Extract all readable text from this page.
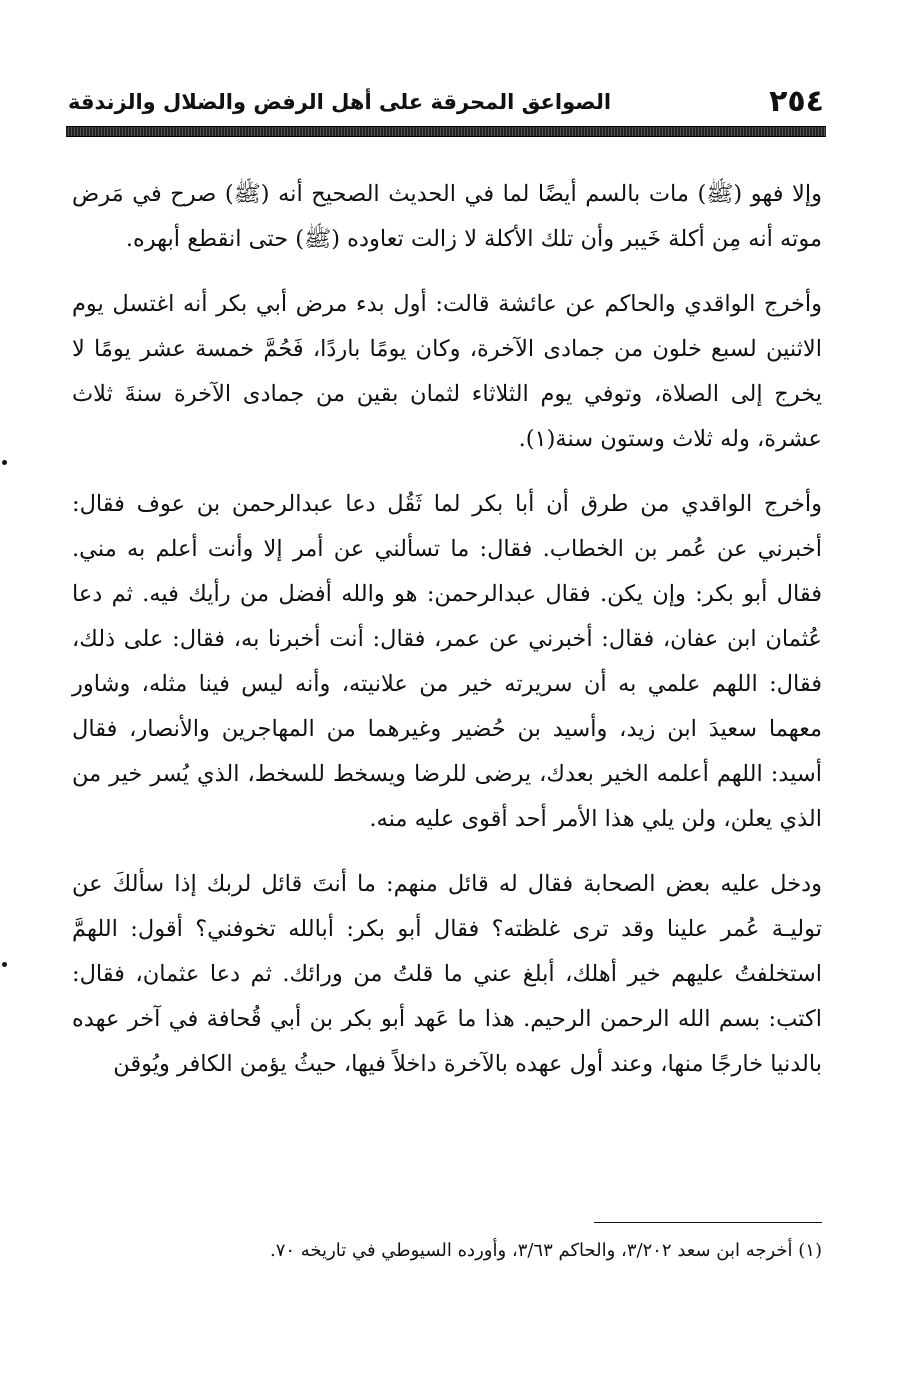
٢٥٤
الصواعق المحرقة على أهل الرفض والضلال والزندقة

وإلا فهو (ﷺ) مات بالسم أيضًا لما في الحديث الصحيح أنه (ﷺ) صرح في مَرض موته أنه مِن أكلة خَيبر وأن تلك الأكلة لا زالت تعاوده (ﷺ) حتى انقطع أبهره.

وأخرج الواقدي والحاكم عن عائشة قالت: أول بدء مرض أبي بكر أنه اغتسل يوم الاثنين لسبع خلون من جمادى الآخرة، وكان يومًا باردًا، فَحُمَّ خمسة عشر يومًا لا يخرج إلى الصلاة، وتوفي يوم الثلاثاء لثمان بقين من جمادى الآخرة سنةَ ثلاث عشرة، وله ثلاث وستون سنة(١).

وأخرج الواقدي من طرق أن أبا بكر لما ثَقُل دعا عبدالرحمن بن عوف فقال: أخبرني عن عُمر بن الخطاب. فقال: ما تسألني عن أمر إلا وأنت أعلم به مني. فقال أبو بكر: وإن يكن. فقال عبدالرحمن: هو والله أفضل من رأيك فيه. ثم دعا عُثمان ابن عفان، فقال: أخبرني عن عمر، فقال: أنت أخبرنا به، فقال: على ذلك، فقال: اللهم علمي به أن سريرته خير من علانيته، وأنه ليس فينا مثله، وشاور معهما سعيدَ ابن زيد، وأسيد بن حُضير وغيرهما من المهاجرين والأنصار، فقال أسيد: اللهم أعلمه الخير بعدك، يرضى للرضا ويسخط للسخط، الذي يُسر خير من الذي يعلن، ولن يلي هذا الأمر أحد أقوى عليه منه.

ودخل عليه بعض الصحابة فقال له قائل منهم: ما أنتَ قائل لربك إذا سألكَ عن توليـة عُمر علينا وقد ترى غلظته؟ فقال أبو بكر: أبالله تخوفني؟ أقول: اللهمَّ استخلفتُ عليهم خير أهلك، أبلغ عني ما قلتُ من ورائك. ثم دعا عثمان، فقال: اكتب: بسم الله الرحمن الرحيم. هذا ما عَهد أبو بكر بن أبي قُحافة في آخر عهده بالدنيا خارجًا منها، وعند أول عهده بالآخرة داخلاً فيها، حيثُ يؤمن الكافر ويُوقن

(١) أخرجه ابن سعد ٣/٢٠٢، والحاكم ٣/٦٣، وأورده السيوطي في تاريخه ٧٠.
